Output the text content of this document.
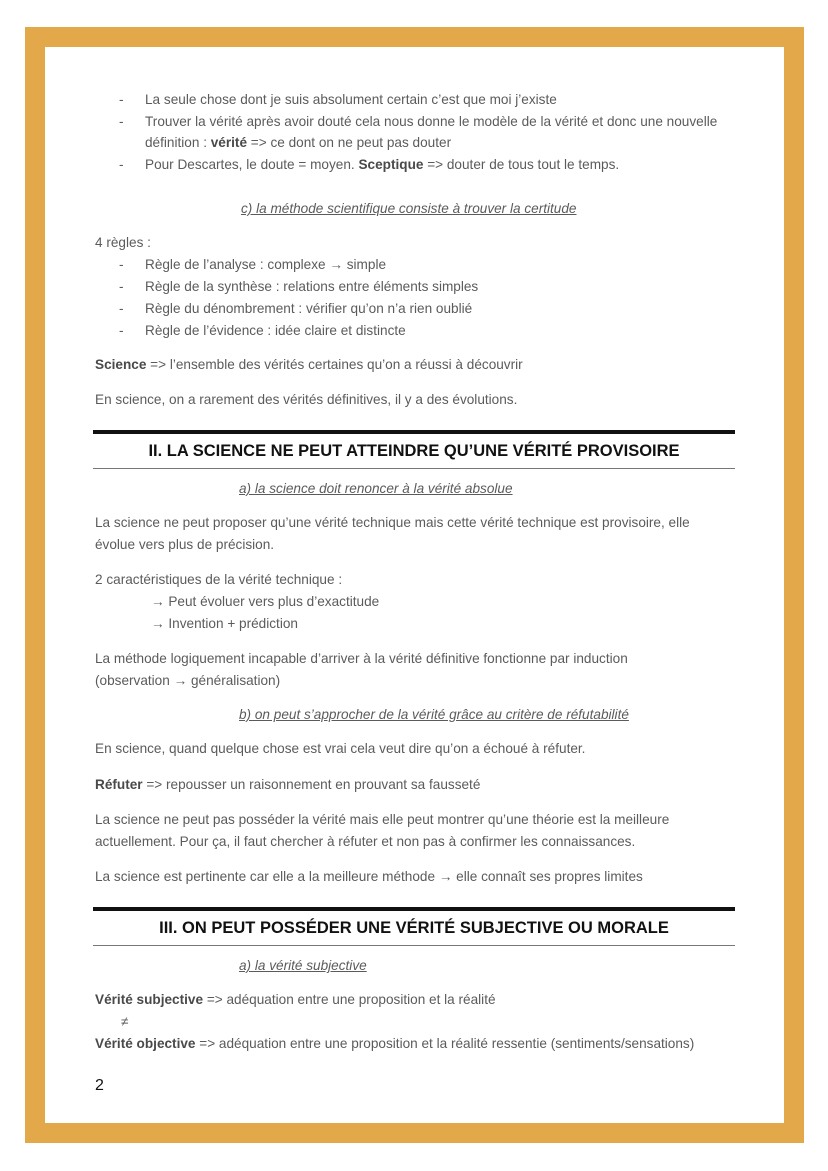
- La seule chose dont je suis absolument certain c’est que moi j’existe
- Trouver la vérité après avoir douté cela nous donne le modèle de la vérité et donc une nouvelle
définition : vérité => ce dont on ne peut pas douter
- Pour Descartes, le doute = moyen. Sceptique => douter de tous tout le temps.
c) la méthode scientifique consiste à trouver la certitude
4 règles :
- Règle de l’analyse : complexe → simple
- Règle de la synthèse : relations entre éléments simples
- Règle du dénombrement : vérifier qu’on n’a rien oublié
- Règle de l’évidence : idée claire et distincte
Science => l’ensemble des vérités certaines qu’on a réussi à découvrir
En science, on a rarement des vérités définitives, il y a des évolutions.
II. LA SCIENCE NE PEUT ATTEINDRE QU’UNE VÉRITÉ PROVISOIRE
a) la science doit renoncer à la vérité absolue
La science ne peut proposer qu’une vérité technique mais cette vérité technique est provisoire, elle
évolue vers plus de précision.
2 caractéristiques de la vérité technique :
→ Peut évoluer vers plus d’exactitude
→ Invention + prédiction
La méthode logiquement incapable d’arriver à la vérité définitive fonctionne par induction
(observation → généralisation)
b) on peut s’approcher de la vérité grâce au critère de réfutabilité
En science, quand quelque chose est vrai cela veut dire qu’on a échoué à réfuter.
Réfuter => repousser un raisonnement en prouvant sa fausseté
La science ne peut pas posséder la vérité mais elle peut montrer qu’une théorie est la meilleure
actuellement. Pour ça, il faut chercher à réfuter et non pas à confirmer les connaissances.
La science est pertinente car elle a la meilleure méthode → elle connaît ses propres limites
III. ON PEUT POSSÉDER UNE VÉRITÉ SUBJECTIVE OU MORALE
a) la vérité subjective
Vérité subjective => adéquation entre une proposition et la réalité
≠
Vérité objective => adéquation entre une proposition et la réalité ressentie (sentiments/sensations)
2
